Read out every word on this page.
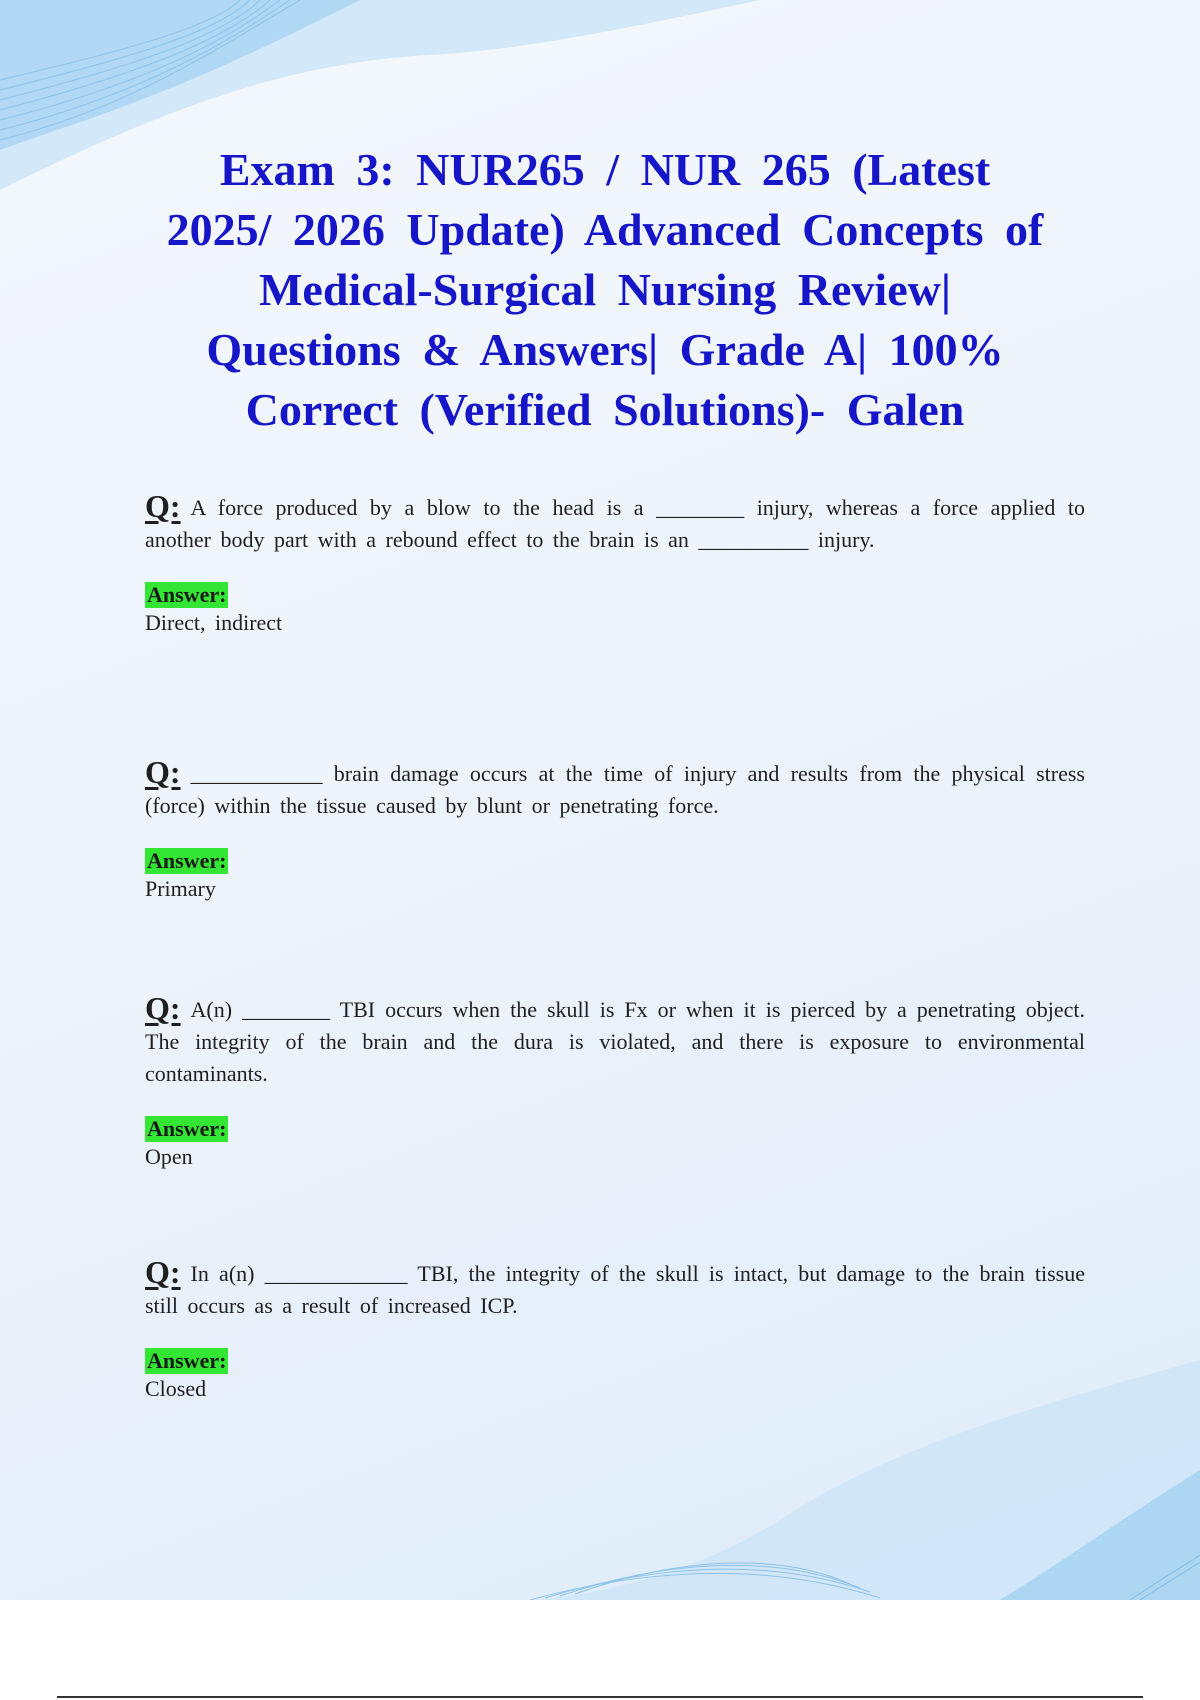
Exam 3: NUR265 / NUR 265 (Latest 2025/ 2026 Update) Advanced Concepts of Medical-Surgical Nursing Review| Questions & Answers| Grade A| 100% Correct (Verified Solutions)- Galen

Q: A force produced by a blow to the head is a ________ injury, whereas a force applied to another body part with a rebound effect to the brain is an __________ injury.

Answer:

Direct, indirect

Q: ____________ brain damage occurs at the time of injury and results from the physical stress (force) within the tissue caused by blunt or penetrating force.

Answer:

Primary

Q: A(n) ________ TBI occurs when the skull is Fx or when it is pierced by a penetrating object. The integrity of the brain and the dura is violated, and there is exposure to environmental contaminants.

Answer:

Open

Q: In a(n) _____________ TBI, the integrity of the skull is intact, but damage to the brain tissue still occurs as a result of increased ICP.

Answer:

Closed
